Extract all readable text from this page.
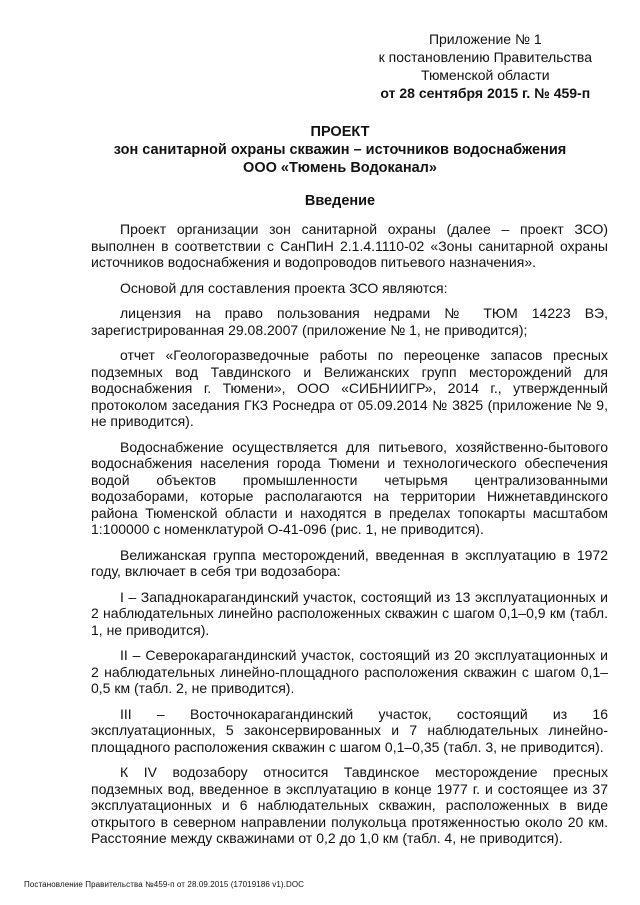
Приложение № 1
к постановлению Правительства
Тюменской области
от 28 сентября 2015 г. № 459-п
ПРОЕКТ
зон санитарной охраны скважин – источников водоснабжения
ООО «Тюмень Водоканал»
Введение

Проект организации зон санитарной охраны (далее – проект ЗСО) выполнен в соответствии с СанПиН 2.1.4.1110-02 «Зоны санитарной охраны источников водоснабжения и водопроводов питьевого назначения».

Основой для составления проекта ЗСО являются:

лицензия на право пользования недрами № ТЮМ 14223 ВЭ, зарегистрированная 29.08.2007 (приложение № 1, не приводится);

отчет «Геологоразведочные работы по переоценке запасов пресных подземных вод Тавдинского и Велижанских групп месторождений для водоснабжения г. Тюмени», ООО «СИБНИИГР», 2014 г., утвержденный протоколом заседания ГКЗ Роснедра от 05.09.2014 № 3825 (приложение № 9, не приводится).

Водоснабжение осуществляется для питьевого, хозяйственно-бытового водоснабжения населения города Тюмени и технологического обеспечения водой объектов промышленности четырьмя централизованными водозаборами, которые располагаются на территории Нижнетавдинского района Тюменской области и находятся в пределах топокарты масштабом 1:100000 с номенклатурой О-41-096 (рис. 1, не приводится).

Велижанская группа месторождений, введенная в эксплуатацию в 1972 году, включает в себя три водозабора:

I – Западнокарагандинский участок, состоящий из 13 эксплуатационных и 2 наблюдательных линейно расположенных скважин с шагом 0,1–0,9 км (табл. 1, не приводится).

II – Северокарагандинский участок, состоящий из 20 эксплуатационных и 2 наблюдательных линейно-площадного расположения скважин с шагом 0,1–0,5 км (табл. 2, не приводится).

III – Восточнокарагандинский участок, состоящий из 16 эксплуатационных, 5 законсервированных и 7 наблюдательных линейно-площадного расположения скважин с шагом 0,1–0,35 (табл. 3, не приводится).

К IV водозабору относится Тавдинское месторождение пресных подземных вод, введенное в эксплуатацию в конце 1977 г. и состоящее из 37 эксплуатационных и 6 наблюдательных скважин, расположенных в виде открытого в северном направлении полукольца протяженностью около 20 км. Расстояние между скважинами от 0,2 до 1,0 км (табл. 4, не приводится).

Постановление Правительства №459-п от 28.09.2015 (17019186 v1).DOC
